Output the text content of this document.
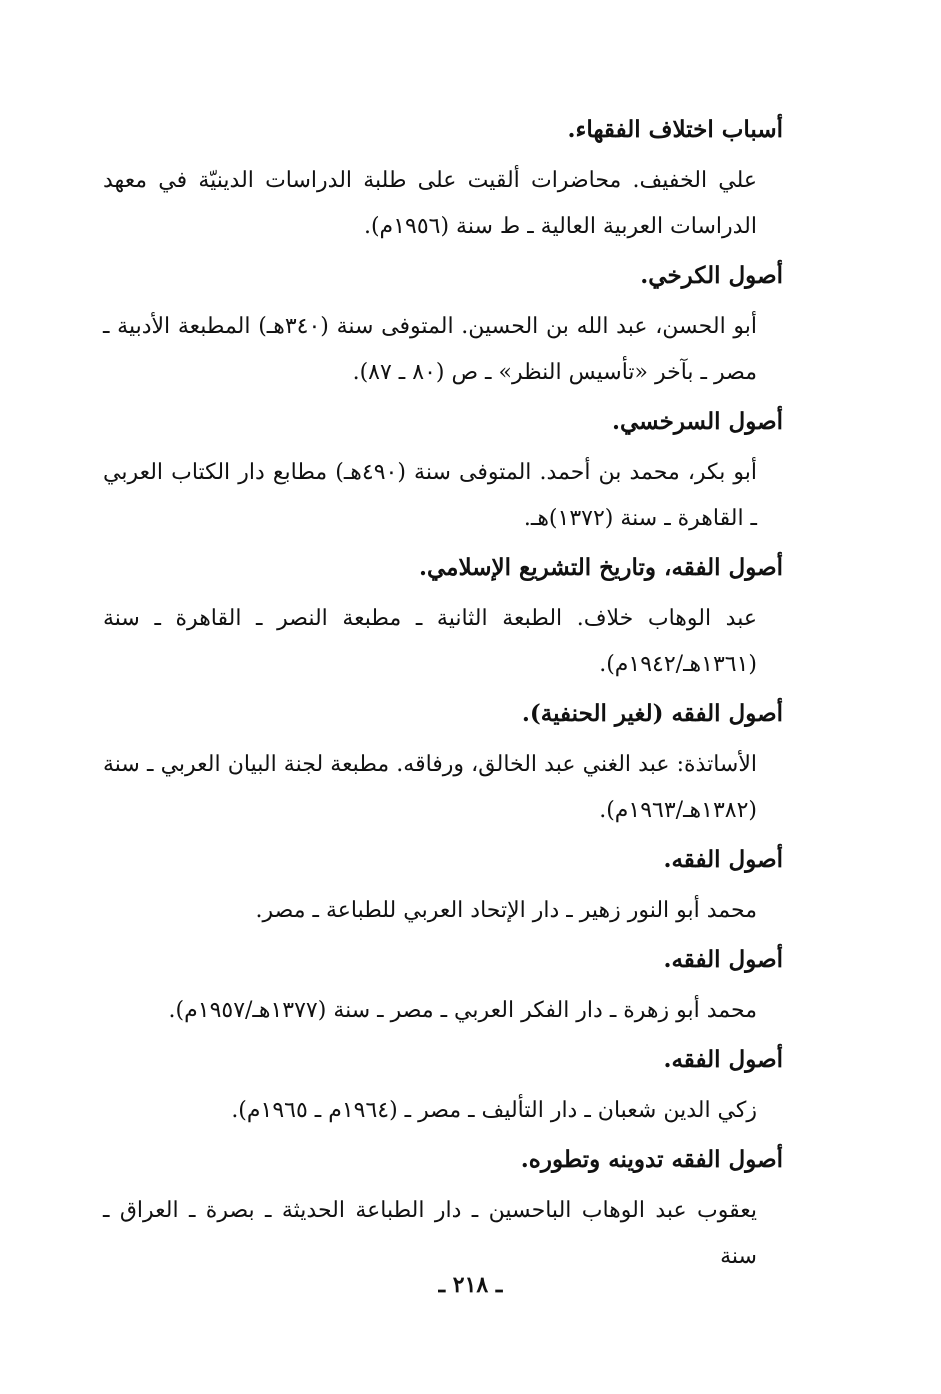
أسباب اختلاف الفقهاء.

علي الخفيف. محاضرات ألقيت على طلبة الدراسات الدينيّة في معهد الدراسات العربية العالية ـ ط سنة (١٩٥٦م).

أصول الكرخي.

أبو الحسن، عبد الله بن الحسين. المتوفى سنة (٣٤٠هـ) المطبعة الأدبية ـ مصر ـ بآخر «تأسيس النظر» ـ ص (٨٠ ـ ٨٧).

أصول السرخسي.

أبو بكر، محمد بن أحمد. المتوفى سنة (٤٩٠هـ) مطابع دار الكتاب العربي ـ القاهرة ـ سنة (١٣٧٢)هـ.

أصول الفقه، وتاريخ التشريع الإسلامي.

عبد الوهاب خلاف. الطبعة الثانية ـ مطبعة النصر ـ القاهرة ـ سنة (١٣٦١هـ/١٩٤٢م).

أصول الفقه (لغير الحنفية).

الأساتذة: عبد الغني عبد الخالق، ورفاقه. مطبعة لجنة البيان العربي ـ سنة (١٣٨٢هـ/١٩٦٣م).

أصول الفقه.

محمد أبو النور زهير ـ دار الإتحاد العربي للطباعة ـ مصر.

أصول الفقه.

محمد أبو زهرة ـ دار الفكر العربي ـ مصر ـ سنة (١٣٧٧هـ/١٩٥٧م).

أصول الفقه.

زكي الدين شعبان ـ دار التأليف ـ مصر ـ (١٩٦٤م ـ ١٩٦٥م).

أصول الفقه تدوينه وتطوره.

يعقوب عبد الوهاب الباحسين ـ دار الطباعة الحديثة ـ بصرة ـ العراق ـ سنة

ـ ٢١٨ ـ
